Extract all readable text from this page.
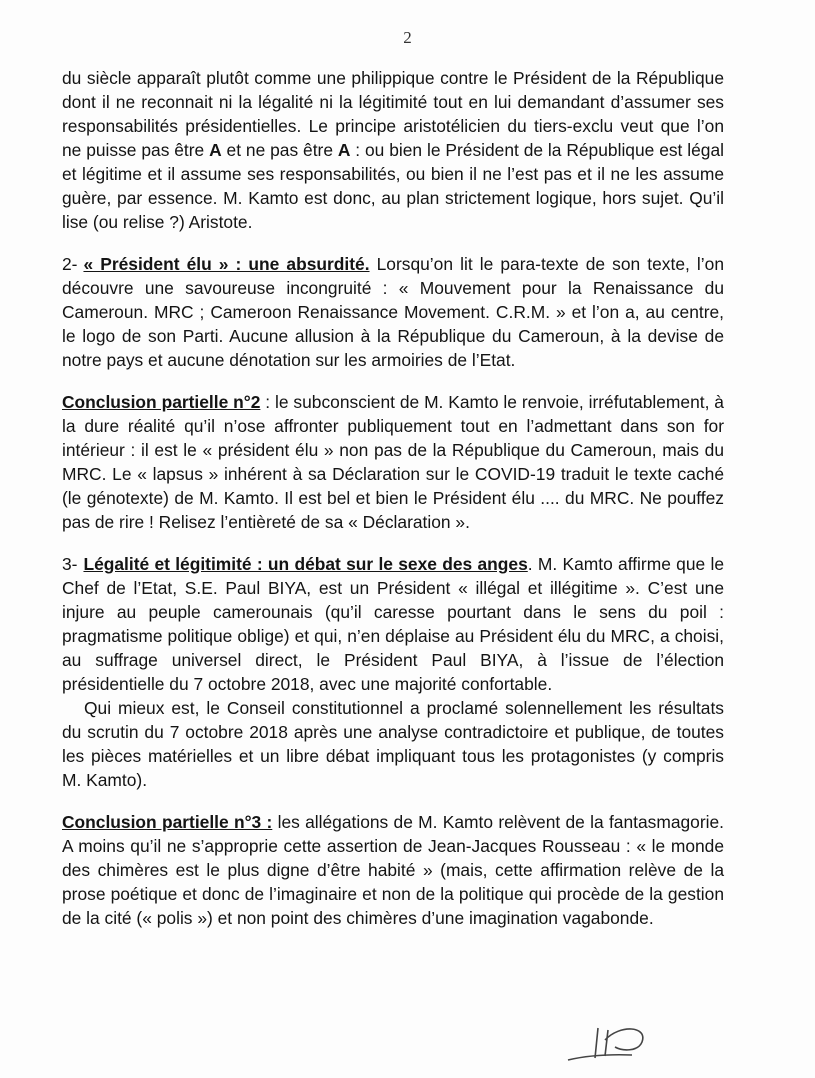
2

du siècle apparaît plutôt comme une philippique contre le Président de la République dont il ne reconnait ni la légalité ni la légitimité tout en lui demandant d’assumer ses responsabilités présidentielles. Le principe aristotélicien du tiers-exclu veut que l’on ne puisse pas être A et ne pas être A : ou bien le Président de la République est légal et légitime et il assume ses responsabilités, ou bien il ne l’est pas et il ne les assume guère, par essence. M. Kamto est donc, au plan strictement logique, hors sujet. Qu’il lise (ou relise ?) Aristote.

2- « Président élu » : une absurdité. Lorsqu’on lit le para-texte de son texte, l’on découvre une savoureuse incongruité : « Mouvement pour la Renaissance du Cameroun. MRC ; Cameroon Renaissance Movement. C.R.M. » et l’on a, au centre, le logo de son Parti. Aucune allusion à la République du Cameroun, à la devise de notre pays et aucune dénotation sur les armoiries de l’Etat.

Conclusion partielle n°2 : le subconscient de M. Kamto le renvoie, irréfutablement, à la dure réalité qu’il n’ose affronter publiquement tout en l’admettant dans son for intérieur : il est le « président élu » non pas de la République du Cameroun, mais du MRC. Le « lapsus » inhérent à sa Déclaration sur le COVID-19 traduit le texte caché (le génotexte) de M. Kamto. Il est bel et bien le Président élu .... du MRC. Ne pouffez pas de rire ! Relisez l’entièreté de sa « Déclaration ».

3- Légalité et légitimité : un débat sur le sexe des anges. M. Kamto affirme que le Chef de l’Etat, S.E. Paul BIYA, est un Président « illégal et illégitime ». C’est une injure au peuple camerounais (qu’il caresse pourtant dans le sens du poil : pragmatisme politique oblige) et qui, n’en déplaise au Président élu du MRC, a choisi, au suffrage universel direct, le Président Paul BIYA, à l’issue de l’élection présidentielle du 7 octobre 2018, avec une majorité confortable.

Qui mieux est, le Conseil constitutionnel a proclamé solennellement les résultats du scrutin du 7 octobre 2018 après une analyse contradictoire et publique, de toutes les pièces matérielles et un libre débat impliquant tous les protagonistes (y compris M. Kamto).

Conclusion partielle n°3 : les allégations de M. Kamto relèvent de la fantasmagorie. A moins qu’il ne s’approprie cette assertion de Jean-Jacques Rousseau : « le monde des chimères est le plus digne d’être habité » (mais, cette affirmation relève de la prose poétique et donc de l’imaginaire et non de la politique qui procède de la gestion de la cité (« polis ») et non point des chimères d’une imagination vagabonde.
